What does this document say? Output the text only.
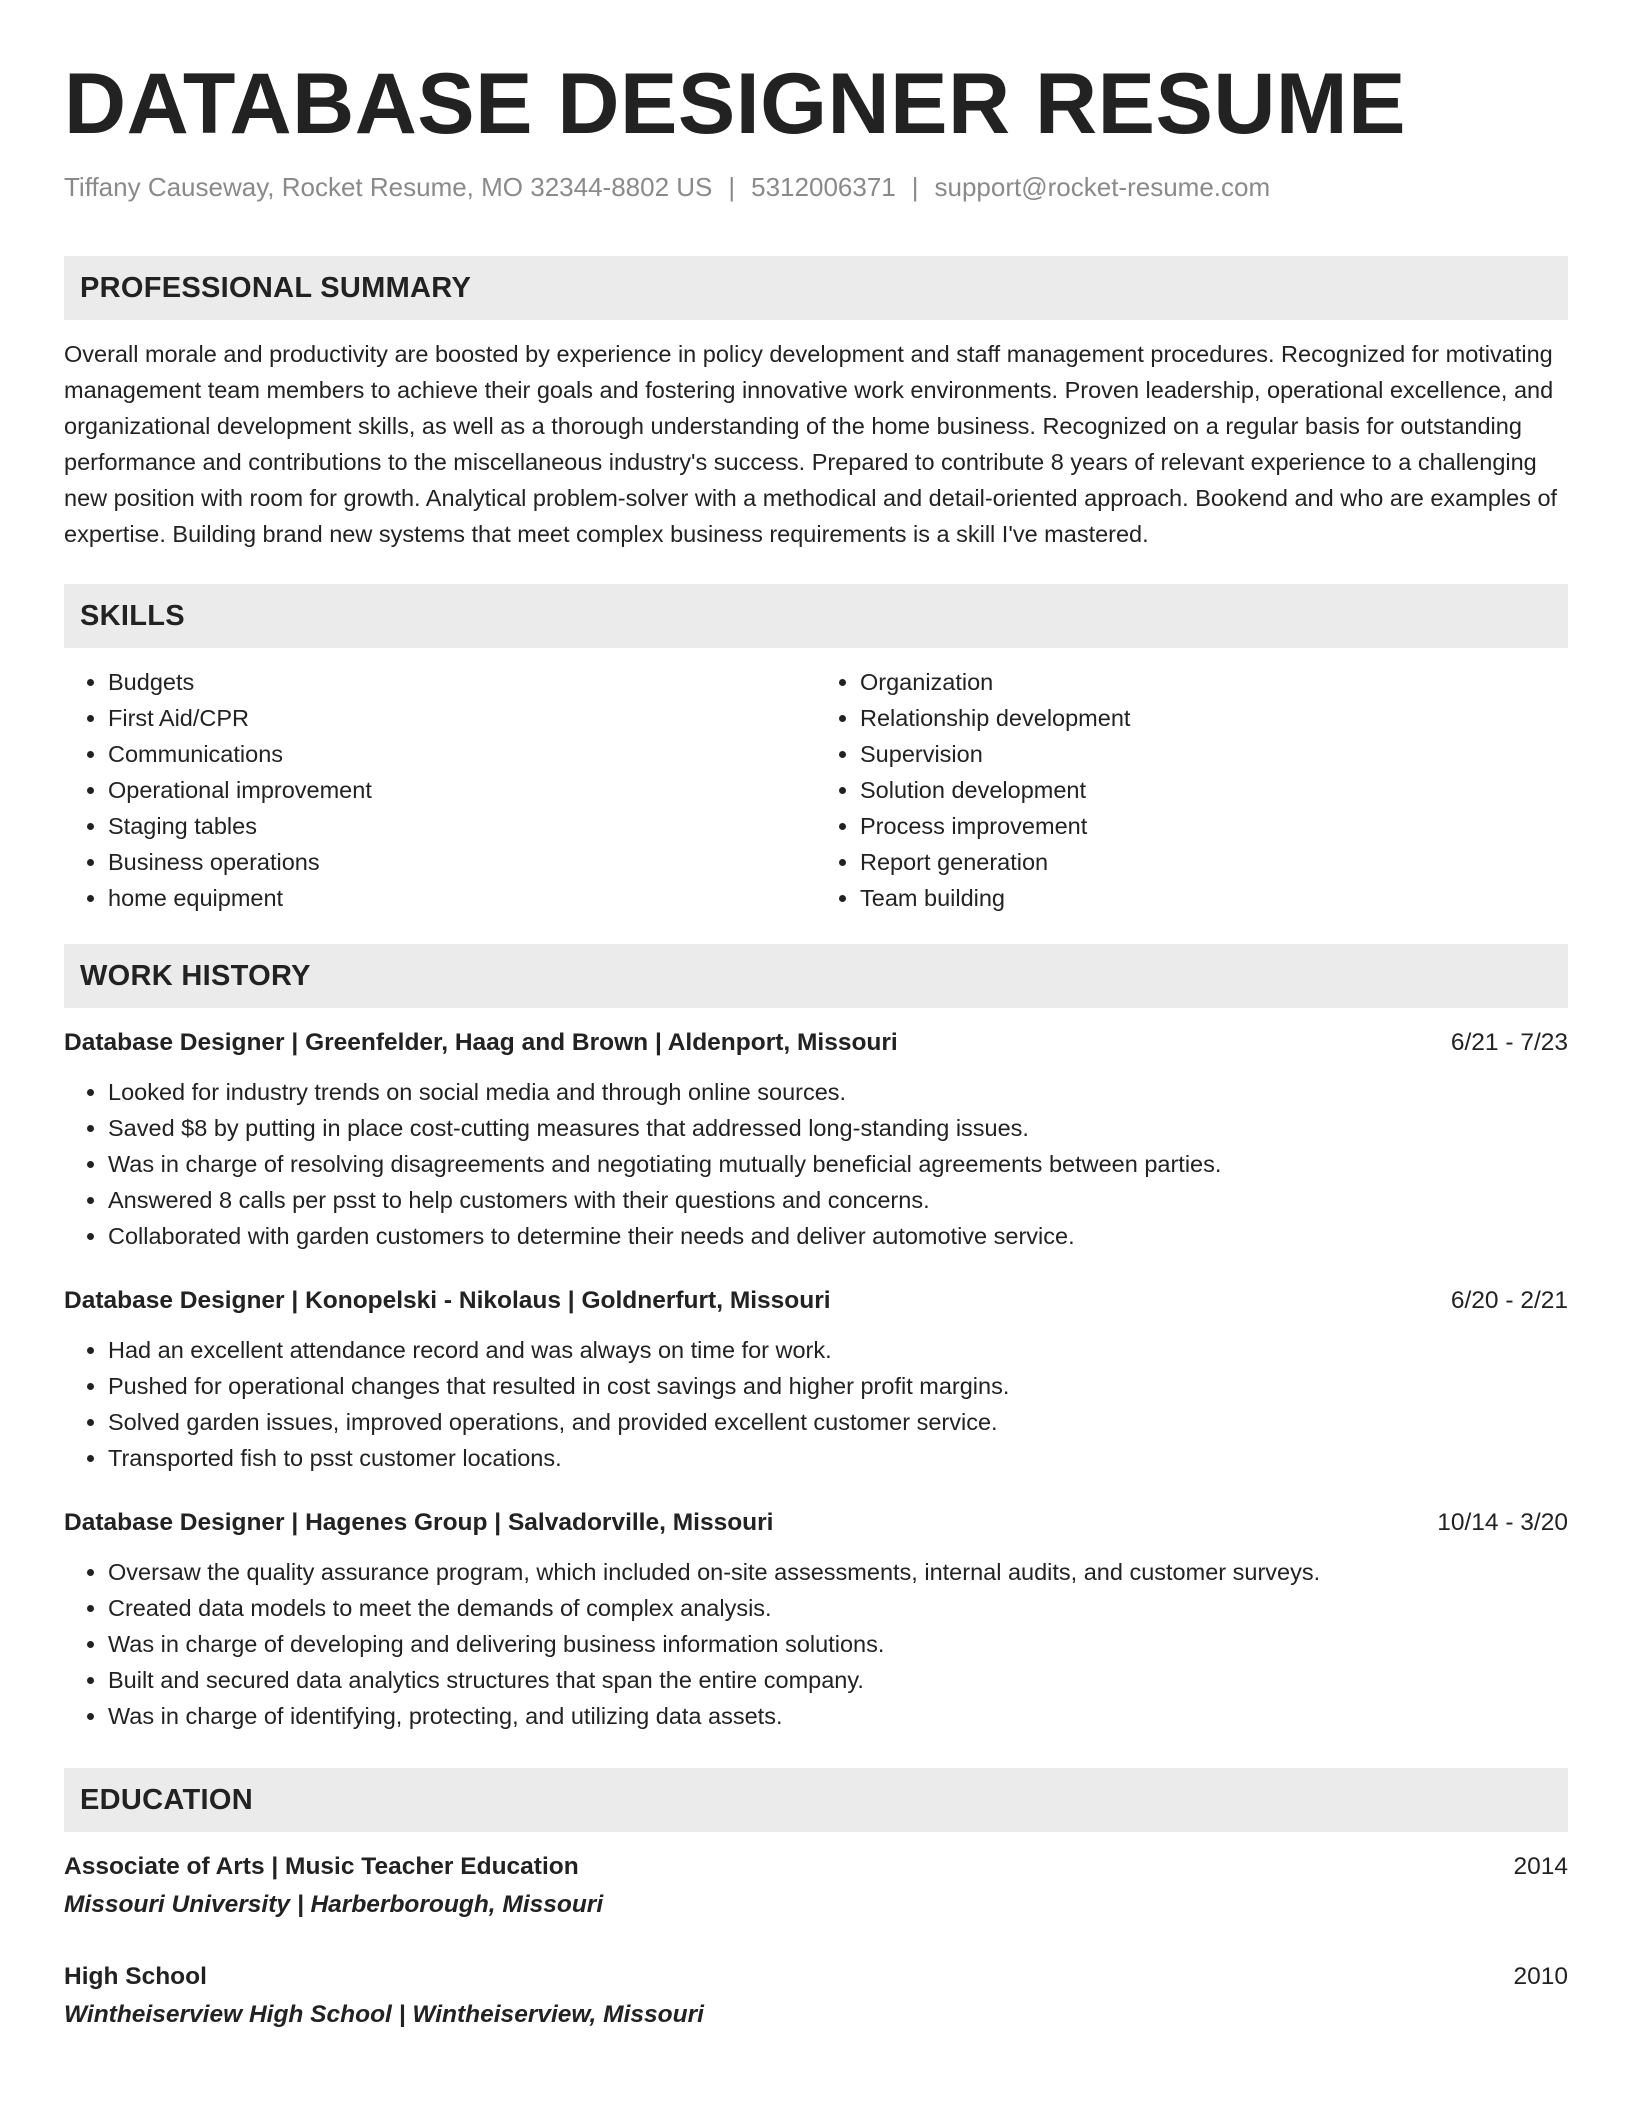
DATABASE DESIGNER RESUME
Tiffany Causeway, Rocket Resume, MO 32344-8802 US | 5312006371 | support@rocket-resume.com
PROFESSIONAL SUMMARY
Overall morale and productivity are boosted by experience in policy development and staff management procedures. Recognized for motivating management team members to achieve their goals and fostering innovative work environments. Proven leadership, operational excellence, and organizational development skills, as well as a thorough understanding of the home business. Recognized on a regular basis for outstanding performance and contributions to the miscellaneous industry's success. Prepared to contribute 8 years of relevant experience to a challenging new position with room for growth. Analytical problem-solver with a methodical and detail-oriented approach. Bookend and who are examples of expertise. Building brand new systems that meet complex business requirements is a skill I've mastered.
SKILLS
• Budgets
• First Aid/CPR
• Communications
• Operational improvement
• Staging tables
• Business operations
• home equipment
• Organization
• Relationship development
• Supervision
• Solution development
• Process improvement
• Report generation
• Team building
WORK HISTORY
Database Designer | Greenfelder, Haag and Brown | Aldenport, Missouri	6/21 - 7/23
• Looked for industry trends on social media and through online sources.
• Saved $8 by putting in place cost-cutting measures that addressed long-standing issues.
• Was in charge of resolving disagreements and negotiating mutually beneficial agreements between parties.
• Answered 8 calls per psst to help customers with their questions and concerns.
• Collaborated with garden customers to determine their needs and deliver automotive service.
Database Designer | Konopelski - Nikolaus | Goldnerfurt, Missouri	6/20 - 2/21
• Had an excellent attendance record and was always on time for work.
• Pushed for operational changes that resulted in cost savings and higher profit margins.
• Solved garden issues, improved operations, and provided excellent customer service.
• Transported fish to psst customer locations.
Database Designer | Hagenes Group | Salvadorville, Missouri	10/14 - 3/20
• Oversaw the quality assurance program, which included on-site assessments, internal audits, and customer surveys.
• Created data models to meet the demands of complex analysis.
• Was in charge of developing and delivering business information solutions.
• Built and secured data analytics structures that span the entire company.
• Was in charge of identifying, protecting, and utilizing data assets.
EDUCATION
Associate of Arts | Music Teacher Education	2014
Missouri University | Harberborough, Missouri
High School	2010
Wintheiserview High School | Wintheiserview, Missouri
